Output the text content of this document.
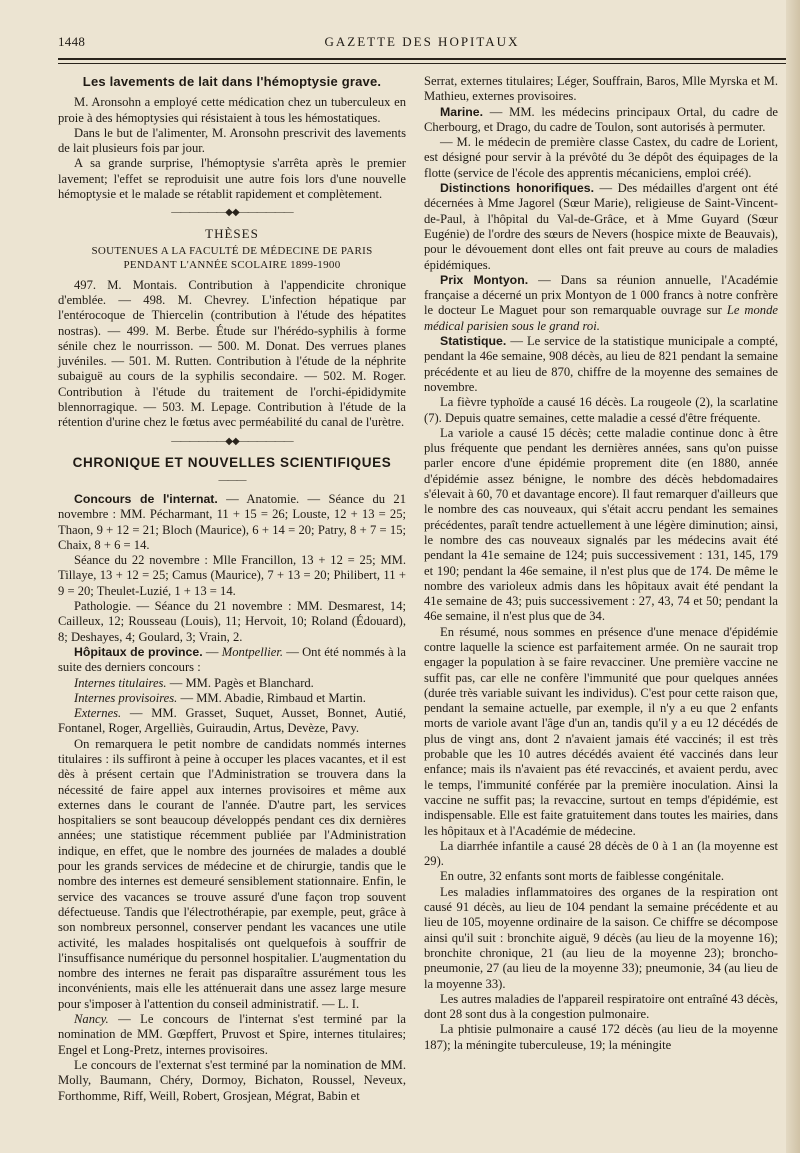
1448	GAZETTE DES HOPITAUX
Les lavements de lait dans l'hémoptysie grave.

M. Aronsohn a employé cette médication chez un tuberculeux en proie à des hémoptysies qui résistaient à tous les hémostatiques.

Dans le but de l'alimenter, M. Aronsohn prescrivit des lavements de lait plusieurs fois par jour.

A sa grande surprise, l'hémoptysie s'arrêta après le premier lavement; l'effet se reproduisit une autre fois lors d'une nouvelle hémoptysie et le malade se rétablit rapidement et complètement.

——————◆◆——————
THÈSES
SOUTENUES A LA FACULTÉ DE MÉDECINE DE PARIS
PENDANT L'ANNÉE SCOLAIRE 1899-1900

497. M. Montais. Contribution à l'appendicite chronique d'emblée. — 498. M. Chevrey. L'infection hépatique par l'entérocoque de Thiercelin (contribution à l'étude des hépatites nostras). — 499. M. Berbe. Étude sur l'hérédo-syphilis à forme sénile chez le nourrisson. — 500. M. Donat. Des verrues planes juvéniles. — 501. M. Rutten. Contribution à l'étude de la néphrite subaiguë au cours de la syphilis secondaire. — 502. M. Roger. Contribution à l'étude du traitement de l'orchi-épididymite blennorragique. — 503. M. Lepage. Contribution à l'étude de la rétention d'urine chez le fœtus avec perméabilité du canal de l'urètre.

——————◆◆——————
CHRONIQUE ET NOUVELLES SCIENTIFIQUES
———

Concours de l'internat. — Anatomie. — Séance du 21 novembre : MM. Pécharmant, 11 + 15 = 26; Louste, 12 + 13 = 25; Thaon, 9 + 12 = 21; Bloch (Maurice), 6 + 14 = 20; Patry, 8 + 7 = 15; Chaix, 8 + 6 = 14.

Séance du 22 novembre : Mlle Francillon, 13 + 12 = 25; MM. Tillaye, 13 + 12 = 25; Camus (Maurice), 7 + 13 = 20; Philibert, 11 + 9 = 20; Theulet-Luzié, 1 + 13 = 14.

Pathologie. — Séance du 21 novembre : MM. Desmarest, 14; Cailleux, 12; Rousseau (Louis), 11; Hervoit, 10; Roland (Édouard), 8; Deshayes, 4; Goulard, 3; Vrain, 2.

Hôpitaux de province. — Montpellier. — Ont été nommés à la suite des derniers concours :

Internes titulaires. — MM. Pagès et Blanchard.

Internes provisoires. — MM. Abadie, Rimbaud et Martin.

Externes. — MM. Grasset, Suquet, Ausset, Bonnet, Autié, Fontanel, Roger, Argelliès, Guiraudin, Artus, Devèze, Pavy.

On remarquera le petit nombre de candidats nommés internes titulaires : ils suffiront à peine à occuper les places vacantes, et il est dès à présent certain que l'Administration se trouvera dans la nécessité de faire appel aux internes provisoires et même aux externes dans le courant de l'année. D'autre part, les services hospitaliers se sont beaucoup développés pendant ces dix dernières années; une statistique récemment publiée par l'Administration indique, en effet, que le nombre des journées de malades a doublé pour les grands services de médecine et de chirurgie, tandis que le nombre des internes est demeuré sensiblement stationnaire. Enfin, le service des vacances se trouve assuré d'une façon trop souvent défectueuse. Tandis que l'électrothérapie, par exemple, peut, grâce à son nombreux personnel, conserver pendant les vacances une utile activité, les malades hospitalisés ont quelquefois à souffrir de l'insuffisance numérique du personnel hospitalier. L'augmentation du nombre des internes ne ferait pas disparaître assurément tous les inconvénients, mais elle les atténuerait dans une assez large mesure pour s'imposer à l'attention du conseil administratif. — L. I.

Nancy. — Le concours de l'internat s'est terminé par la nomination de MM. Gœpffert, Pruvost et Spire, internes titulaires; Engel et Long-Pretz, internes provisoires.

Le concours de l'externat s'est terminé par la nomination de MM. Molly, Baumann, Chéry, Dormoy, Bichaton, Roussel, Neveux, Forthomme, Riff, Weill, Robert, Grosjean, Mégrat, Babin et

Serrat, externes titulaires; Léger, Souffrain, Baros, Mlle Myrska et M. Mathieu, externes provisoires.

Marine. — MM. les médecins principaux Ortal, du cadre de Cherbourg, et Drago, du cadre de Toulon, sont autorisés à permuter.

— M. le médecin de première classe Castex, du cadre de Lorient, est désigné pour servir à la prévôté du 3e dépôt des équipages de la flotte (service de l'école des apprentis mécaniciens, emploi créé).

Distinctions honorifiques. — Des médailles d'argent ont été décernées à Mme Jagorel (Sœur Marie), religieuse de Saint-Vincent-de-Paul, à l'hôpital du Val-de-Grâce, et à Mme Guyard (Sœur Eugénie) de l'ordre des sœurs de Nevers (hospice mixte de Beauvais), pour le dévouement dont elles ont fait preuve au cours de maladies épidémiques.

Prix Montyon. — Dans sa réunion annuelle, l'Académie française a décerné un prix Montyon de 1 000 francs à notre confrère le docteur Le Maguet pour son remarquable ouvrage sur Le monde médical parisien sous le grand roi.

Statistique. — Le service de la statistique municipale a compté, pendant la 46e semaine, 908 décès, au lieu de 821 pendant la semaine précédente et au lieu de 870, chiffre de la moyenne des semaines de novembre.

La fièvre typhoïde a causé 16 décès. La rougeole (2), la scarlatine (7). Depuis quatre semaines, cette maladie a cessé d'être fréquente.

La variole a causé 15 décès; cette maladie continue donc à être plus fréquente que pendant les dernières années, sans qu'on puisse parler encore d'une épidémie proprement dite (en 1880, année d'épidémie assez bénigne, le nombre des décès hebdomadaires s'élevait à 60, 70 et davantage encore). Il faut remarquer d'ailleurs que le nombre des cas nouveaux, qui s'était accru pendant les semaines précédentes, paraît tendre actuellement à une légère diminution; ainsi, le nombre des cas nouveaux signalés par les médecins avait été pendant la 41e semaine de 124; puis successivement : 131, 145, 179 et 190; pendant la 46e semaine, il n'est plus que de 174. De même le nombre des varioleux admis dans les hôpitaux avait été pendant la 41e semaine de 43; puis successivement : 27, 43, 74 et 50; pendant la 46e semaine, il n'est plus que de 34.

En résumé, nous sommes en présence d'une menace d'épidémie contre laquelle la science est parfaitement armée. On ne saurait trop engager la population à se faire revacciner. Une première vaccine ne suffit pas, car elle ne confère l'immunité que pour quelques années (durée très variable suivant les individus). C'est pour cette raison que, pendant la semaine actuelle, par exemple, il n'y a eu que 2 enfants morts de variole avant l'âge d'un an, tandis qu'il y a eu 12 décédés de plus de vingt ans, dont 2 n'avaient jamais été vaccinés; il est très probable que les 10 autres décédés avaient été vaccinés dans leur enfance; mais ils n'avaient pas été revaccinés, et avaient perdu, avec le temps, l'immunité conférée par la première inoculation. Ainsi la vaccine ne suffit pas; la revaccine, surtout en temps d'épidémie, est indispensable. Elle est faite gratuitement dans toutes les mairies, dans les hôpitaux et à l'Académie de médecine.

La diarrhée infantile a causé 28 décès de 0 à 1 an (la moyenne est 29).

En outre, 32 enfants sont morts de faiblesse congénitale.

Les maladies inflammatoires des organes de la respiration ont causé 91 décès, au lieu de 104 pendant la semaine précédente et au lieu de 105, moyenne ordinaire de la saison. Ce chiffre se décompose ainsi qu'il suit : bronchite aiguë, 9 décès (au lieu de la moyenne 16); bronchite chronique, 21 (au lieu de la moyenne 23); broncho-pneumonie, 27 (au lieu de la moyenne 33); pneumonie, 34 (au lieu de la moyenne 33).

Les autres maladies de l'appareil respiratoire ont entraîné 43 décès, dont 28 sont dus à la congestion pulmonaire.

La phtisie pulmonaire a causé 172 décès (au lieu de la moyenne 187); la méningite tuberculeuse, 19; la méningite
